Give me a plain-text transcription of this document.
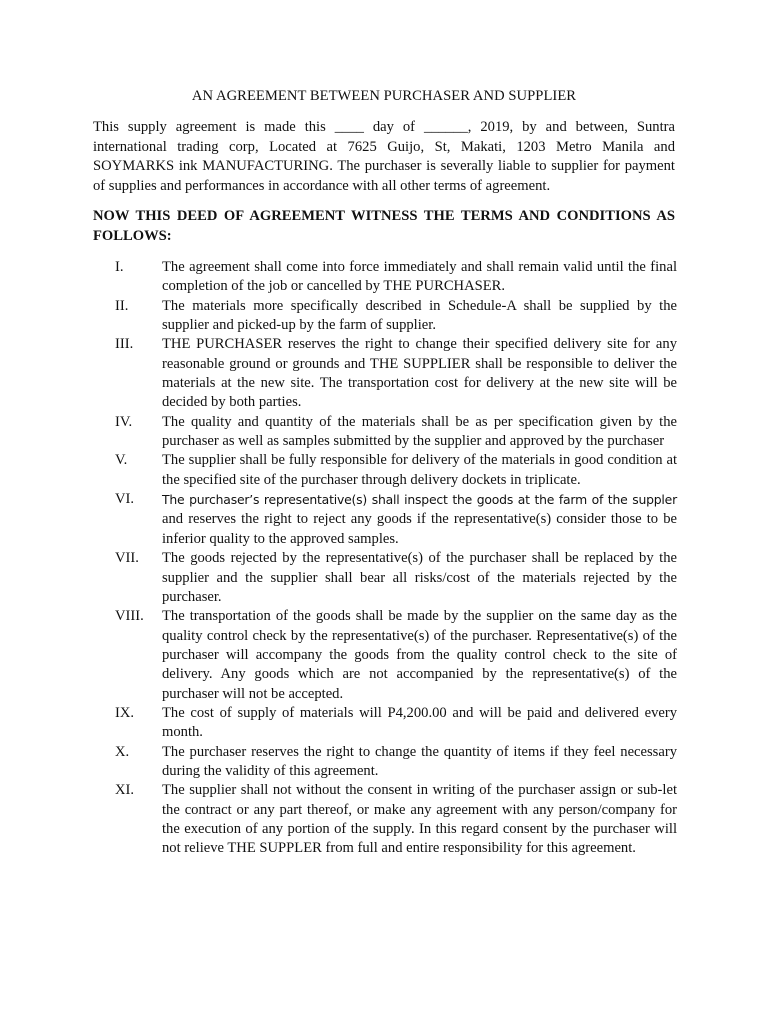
AN AGREEMENT BETWEEN PURCHASER AND SUPPLIER

This supply agreement is made this ____ day of ______, 2019, by and between, Suntra international trading corp, Located at 7625 Guijo, St, Makati, 1203 Metro Manila and SOYMARKS ink MANUFACTURING. The purchaser is severally liable to supplier for payment of supplies and performances in accordance with all other terms of agreement.

NOW THIS DEED OF AGREEMENT WITNESS THE TERMS AND CONDITIONS AS FOLLOWS:

I.	The agreement shall come into force immediately and shall remain valid until the final completion of the job or cancelled by THE PURCHASER.
II. The materials more specifically described in Schedule-A shall be supplied by the supplier and picked-up by the farm of supplier.
III. THE PURCHASER reserves the right to change their specified delivery site for any reasonable ground or grounds and THE SUPPLIER shall be responsible to deliver the materials at the new site. The transportation cost for delivery at the new site will be decided by both parties.
IV. The quality and quantity of the materials shall be as per specification given by the purchaser as well as samples submitted by the supplier and approved by the purchaser
V. The supplier shall be fully responsible for delivery of the materials in good condition at the specified site of the purchaser through delivery dockets in triplicate.
VI. The purchaser’s representative(s) shall inspect the goods at the farm of the suppler and reserves the right to reject any goods if the representative(s) consider those to be inferior quality to the approved samples.
VII. The goods rejected by the representative(s) of the purchaser shall be replaced by the supplier and the supplier shall bear all risks/cost of the materials rejected by the purchaser.
VIII. The transportation of the goods shall be made by the supplier on the same day as the quality control check by the representative(s) of the purchaser. Representative(s) of the purchaser will accompany the goods from the quality control check to the site of delivery. Any goods which are not accompanied by the representative(s) of the purchaser will not be accepted.
IX. The cost of supply of materials will P4,200.00 and will be paid and delivered every month.
X. The purchaser reserves the right to change the quantity of items if they feel necessary during the validity of this agreement.
XI. The supplier shall not without the consent in writing of the purchaser assign or sub-let the contract or any part thereof, or make any agreement with any person/company for the execution of any portion of the supply. In this regard consent by the purchaser will not relieve THE SUPPLER from full and entire responsibility for this agreement.
